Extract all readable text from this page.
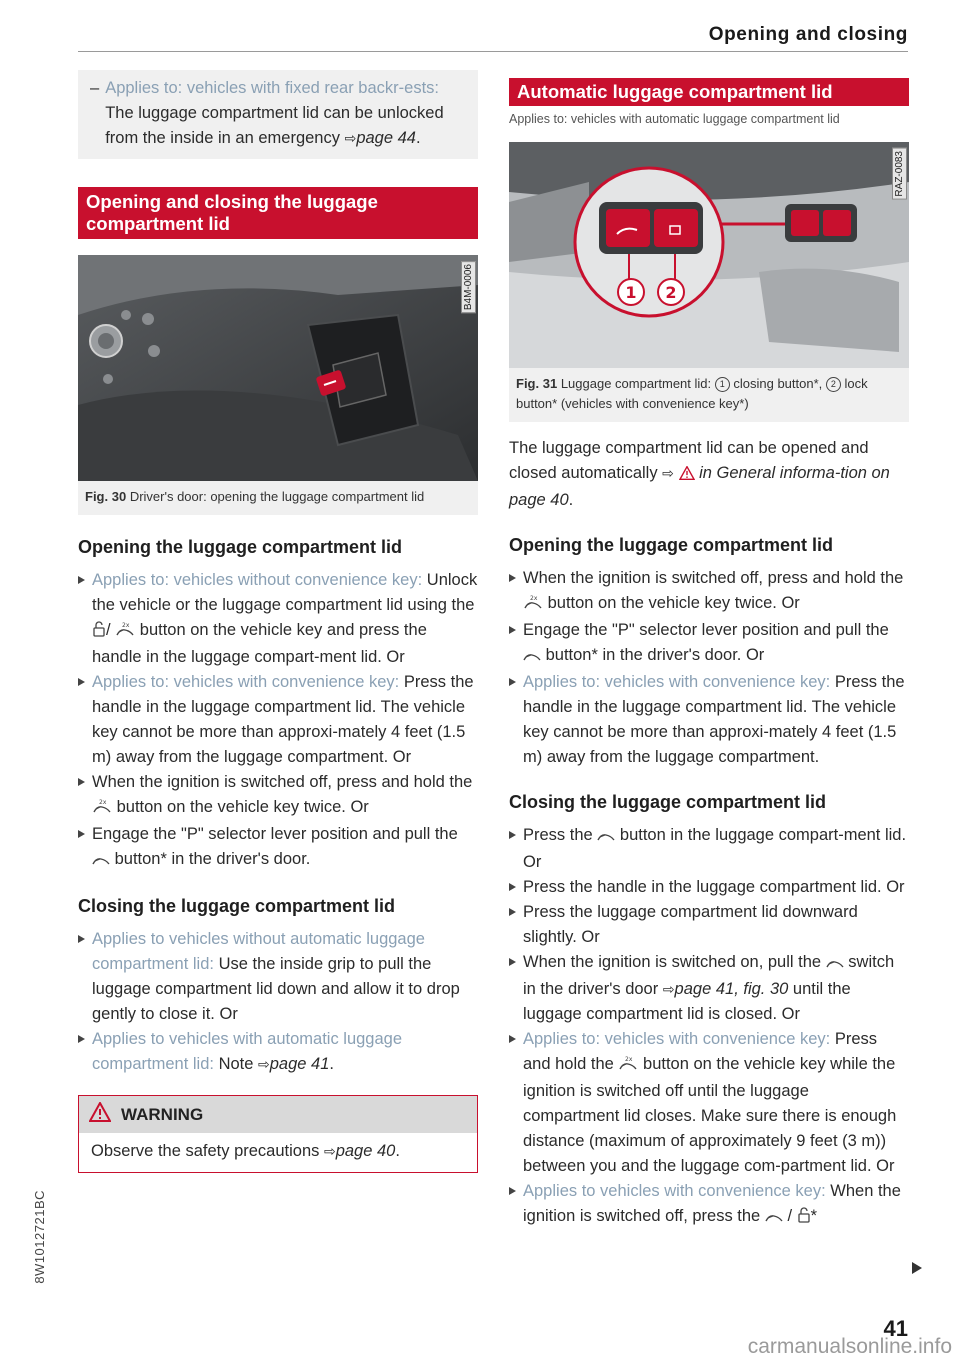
Opening and closing
– Applies to: vehicles with fixed rear backr-ests: The luggage compartment lid can be unlocked from the inside in an emergency ⇨page 44.
Opening and closing the luggage compartment lid
B4M-0006
Fig. 30 Driver's door: opening the luggage compartment lid
Opening the luggage compartment lid
Applies to: vehicles without convenience key: Unlock the vehicle or the luggage compartment lid using the / 2x button on the vehicle key and press the handle in the luggage compart-ment lid. Or
Applies to: vehicles with convenience key: Press the handle in the luggage compartment lid. The vehicle key cannot be more than approxi-mately 4 feet (1.5 m) away from the luggage compartment. Or
When the ignition is switched off, press and hold the
2x button on the vehicle key twice. Or
Engage the "P" selector lever position and pull the  button* in the driver's door.
Closing the luggage compartment lid
Applies to vehicles without automatic luggage compartment lid: Use the inside grip to pull the luggage compartment lid down and allow it to drop gently to close it. Or
Applies to vehicles with automatic luggage compartment lid: Note ⇨page 41.
WARNING
Observe the safety precautions ⇨page 40.
Automatic luggage compartment lid
Applies to: vehicles with automatic luggage compartment lid
1 2
RAZ-0083
Fig. 31 Luggage compartment lid: 1 closing button*, 2 lock button* (vehicles with convenience key*)

The luggage compartment lid can be opened and closed automatically ⇨ in General informa-tion on page 40.

Opening the luggage compartment lid
When the ignition is switched off, press and hold the
2x button on the vehicle key twice. Or
Engage the "P" selector lever position and pull the  button* in the driver's door. Or
Applies to: vehicles with convenience key: Press the handle in the luggage compartment lid. The vehicle key cannot be more than approxi-mately 4 feet (1.5 m) away from the luggage compartment.
Closing the luggage compartment lid
Press the button in the luggage compart-ment lid. Or
Press the handle in the luggage compartment lid. Or
Press the luggage compartment lid downward slightly. Or
When the ignition is switched on, pull the switch in the driver's door ⇨page 41, fig. 30 until the luggage compartment lid is closed. Or
Applies to: vehicles with convenience key: Press and hold the 2x button on the vehicle key while the ignition is switched off until the luggage compartment lid closes. Make sure there is enough distance (maximum of approximately 9 feet (3 m)) between you and the luggage com-partment lid. Or
Applies to vehicles with convenience key: When the ignition is switched off, press the / *
8W1012721BC
41
carmanualsonline.info
